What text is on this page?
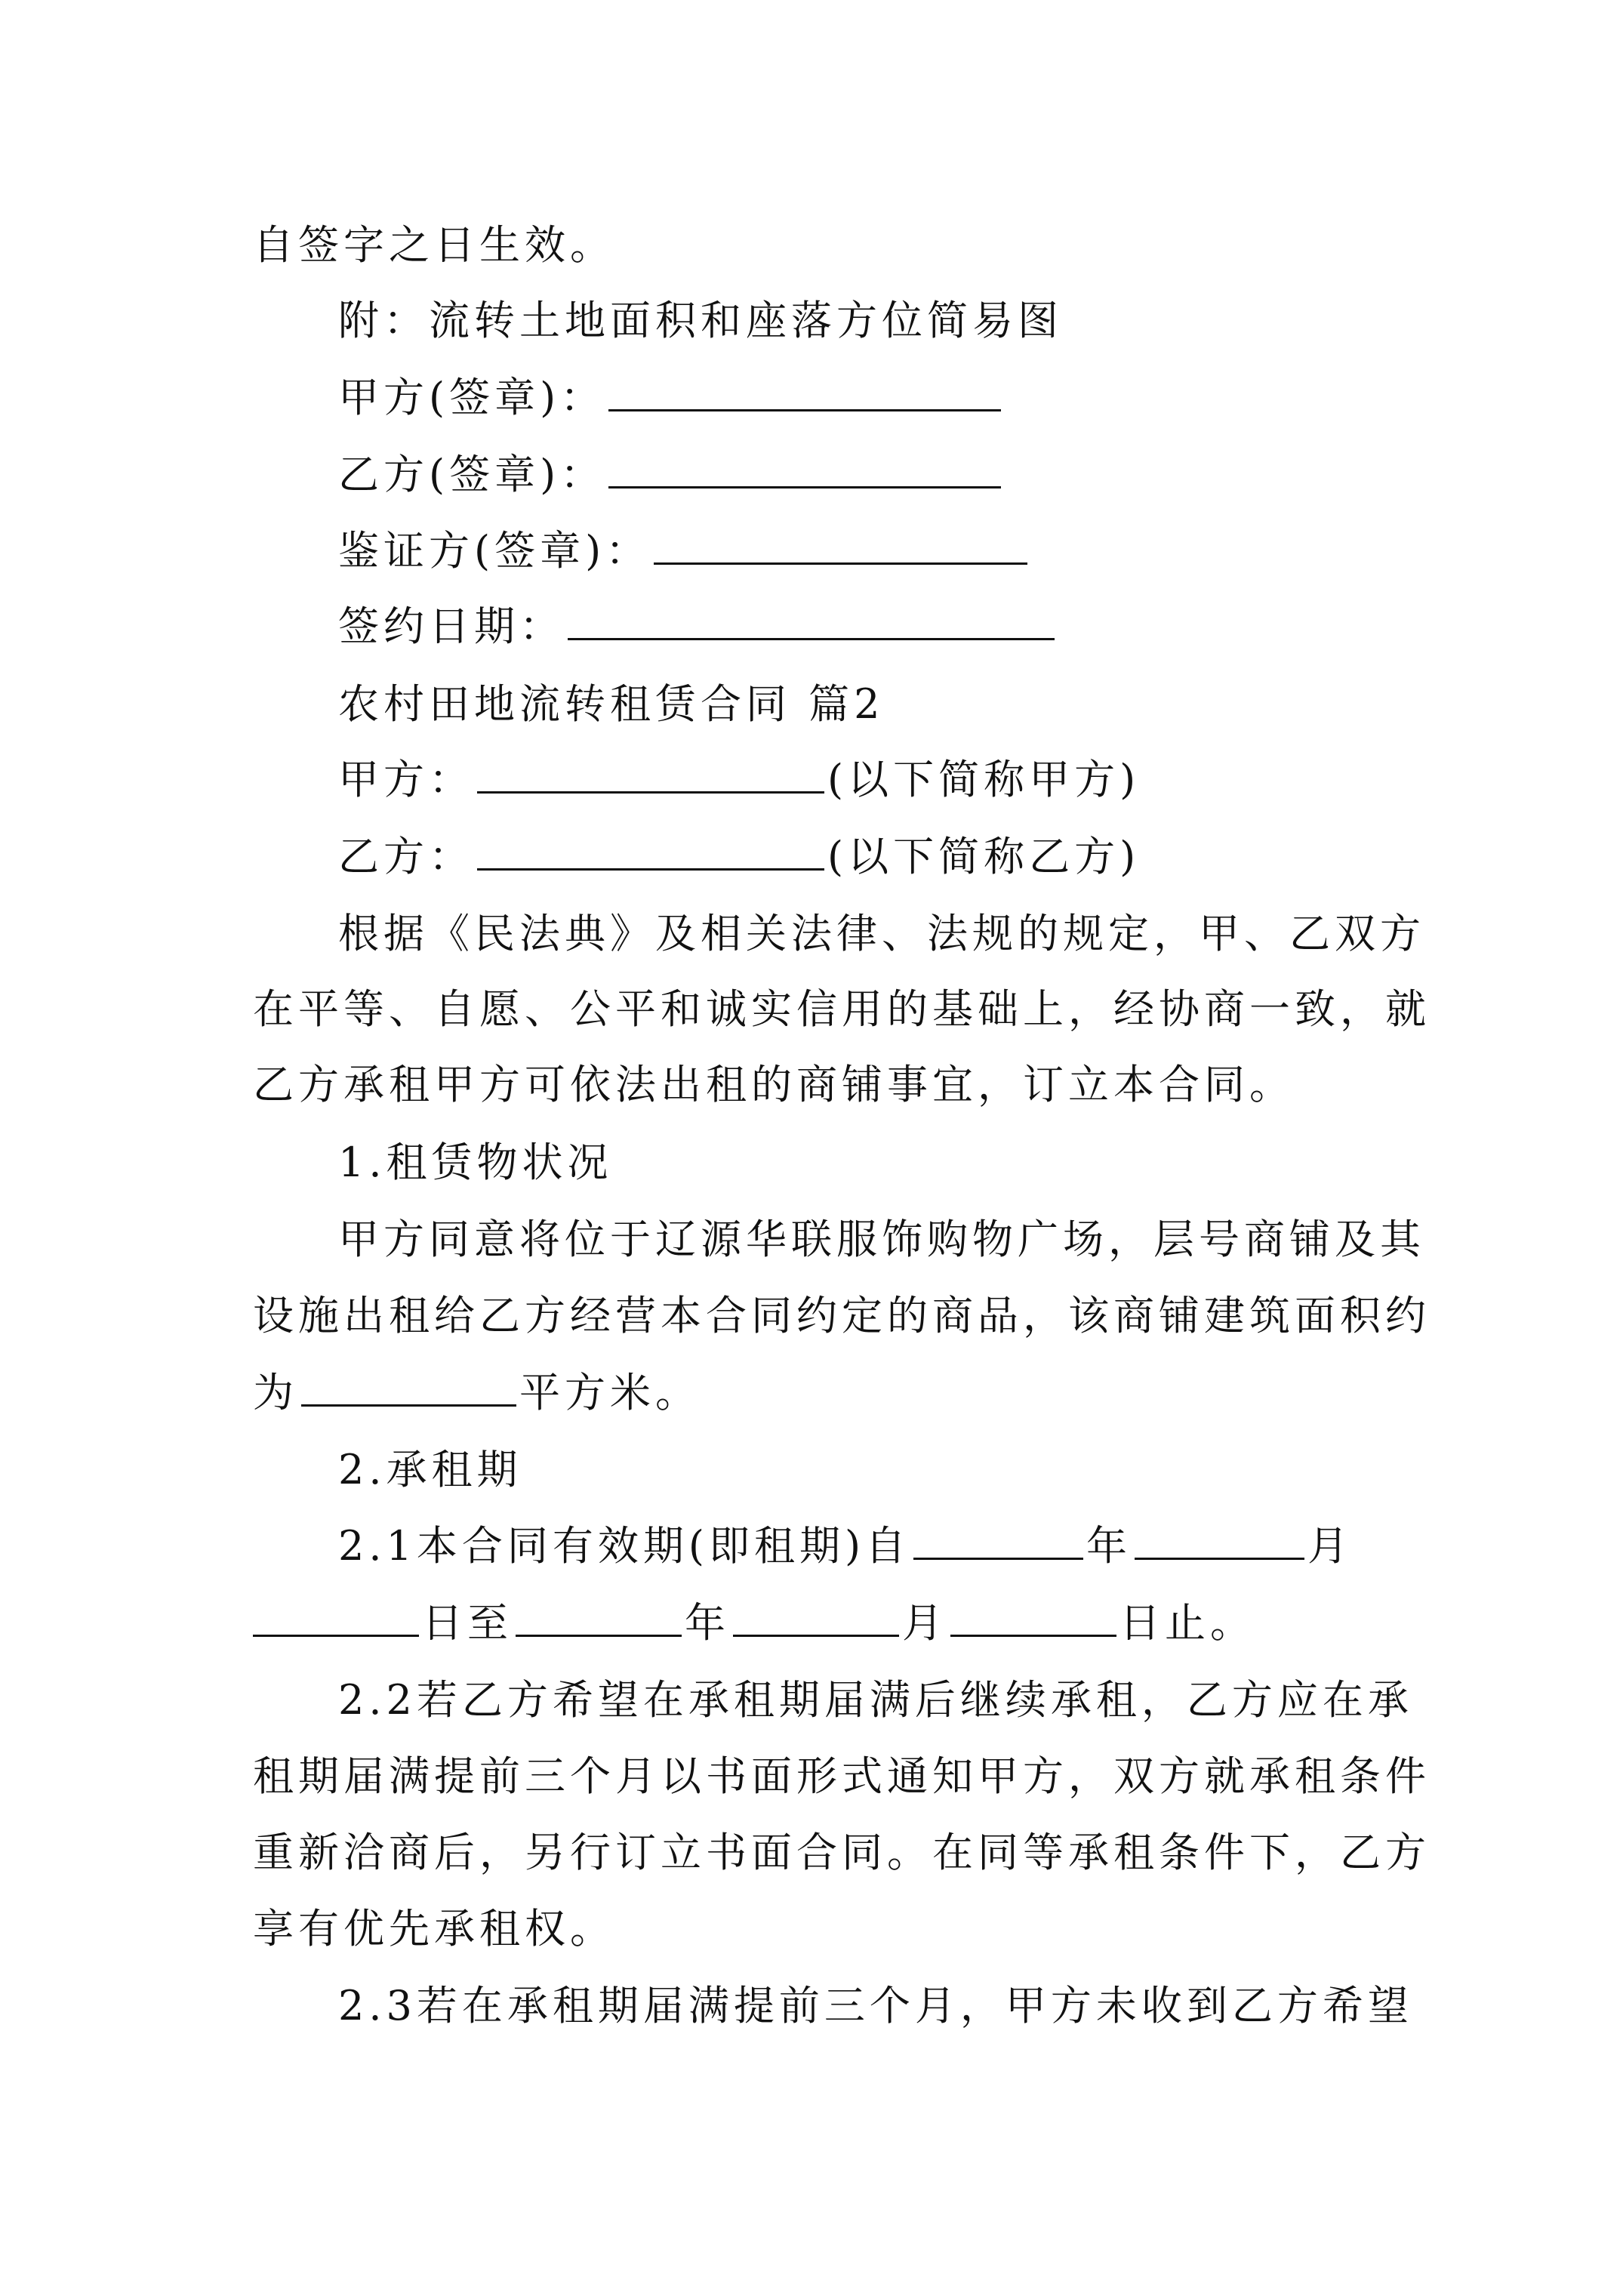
自签字之日生效。
附：流转土地面积和座落方位简易图
甲方(签章)：
乙方(签章)：
鉴证方(签章)：
签约日期：
农村田地流转租赁合同 篇2
甲方：	(以下简称甲方)
乙方：	(以下简称乙方)
根据《民法典》及相关法律、法规的规定，甲、乙双方
在平等、自愿、公平和诚实信用的基础上，经协商一致，就
乙方承租甲方可依法出租的商铺事宜，订立本合同。
1.租赁物状况
甲方同意将位于辽源华联服饰购物广场，层号商铺及其
设施出租给乙方经营本合同约定的商品，该商铺建筑面积约
为	平方米。
2.承租期
2.1本合同有效期(即租期)自	年	月
日至	年	月	日止。
2.2若乙方希望在承租期届满后继续承租，乙方应在承
租期届满提前三个月以书面形式通知甲方，双方就承租条件
重新洽商后，另行订立书面合同。在同等承租条件下，乙方
享有优先承租权。
2.3若在承租期届满提前三个月，甲方未收到乙方希望
